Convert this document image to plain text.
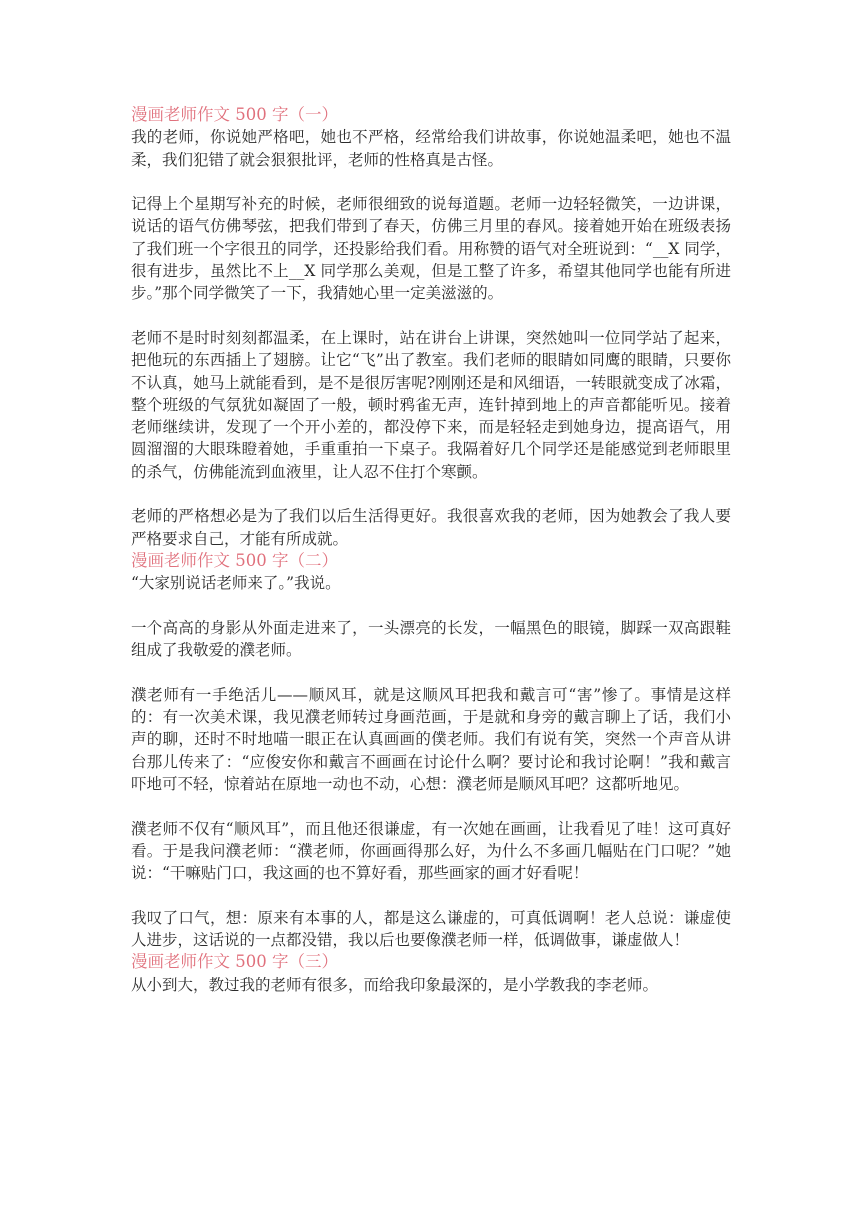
漫画老师作文 500 字（一）

我的老师，你说她严格吧，她也不严格，经常给我们讲故事，你说她温柔吧，她也不温柔，我们犯错了就会狠狠批评，老师的性格真是古怪。

记得上个星期写补充的时候，老师很细致的说每道题。老师一边轻轻微笑，一边讲课，说话的语气仿佛琴弦，把我们带到了春天，仿佛三月里的春风。接着她开始在班级表扬了我们班一个字很丑的同学，还投影给我们看。用称赞的语气对全班说到：“__X 同学，很有进步，虽然比不上__X 同学那么美观，但是工整了许多，希望其他同学也能有所进步。”那个同学微笑了一下，我猜她心里一定美滋滋的。

老师不是时时刻刻都温柔，在上课时，站在讲台上讲课，突然她叫一位同学站了起来，把他玩的东西插上了翅膀。让它“飞”出了教室。我们老师的眼睛如同鹰的眼睛，只要你不认真，她马上就能看到，是不是很厉害呢?刚刚还是和风细语，一转眼就变成了冰霜，整个班级的气氛犹如凝固了一般，顿时鸦雀无声，连针掉到地上的声音都能听见。接着老师继续讲，发现了一个开小差的，都没停下来，而是轻轻走到她身边，提高语气，用圆溜溜的大眼珠瞪着她，手重重拍一下桌子。我隔着好几个同学还是能感觉到老师眼里的杀气，仿佛能流到血液里，让人忍不住打个寒颤。

老师的严格想必是为了我们以后生活得更好。我很喜欢我的老师，因为她教会了我人要严格要求自己，才能有所成就。

漫画老师作文 500 字（二）

“大家别说话老师来了。”我说。

一个高高的身影从外面走进来了，一头漂亮的长发，一幅黑色的眼镜，脚踩一双高跟鞋组成了我敬爱的濮老师。

濮老师有一手绝活儿——顺风耳，就是这顺风耳把我和戴言可“害”惨了。事情是这样的：有一次美术课，我见濮老师转过身画范画，于是就和身旁的戴言聊上了话，我们小声的聊，还时不时地喵一眼正在认真画画的僕老师。我们有说有笑，突然一个声音从讲台那儿传来了：“应俊安你和戴言不画画在讨论什么啊？要讨论和我讨论啊！”我和戴言吓地可不轻，惊着站在原地一动也不动，心想：濮老师是顺风耳吧？这都听地见。

濮老师不仅有“顺风耳”，而且他还很谦虚，有一次她在画画，让我看见了哇！这可真好看。于是我问濮老师：“濮老师，你画画得那么好，为什么不多画几幅贴在门口呢？”她说：“干嘛贴门口，我这画的也不算好看，那些画家的画才好看呢！

我叹了口气，想：原来有本事的人，都是这么谦虚的，可真低调啊！老人总说：谦虚使人进步，这话说的一点都没错，我以后也要像濮老师一样，低调做事，谦虚做人！

漫画老师作文 500 字（三）

从小到大，教过我的老师有很多，而给我印象最深的，是小学教我的李老师。
